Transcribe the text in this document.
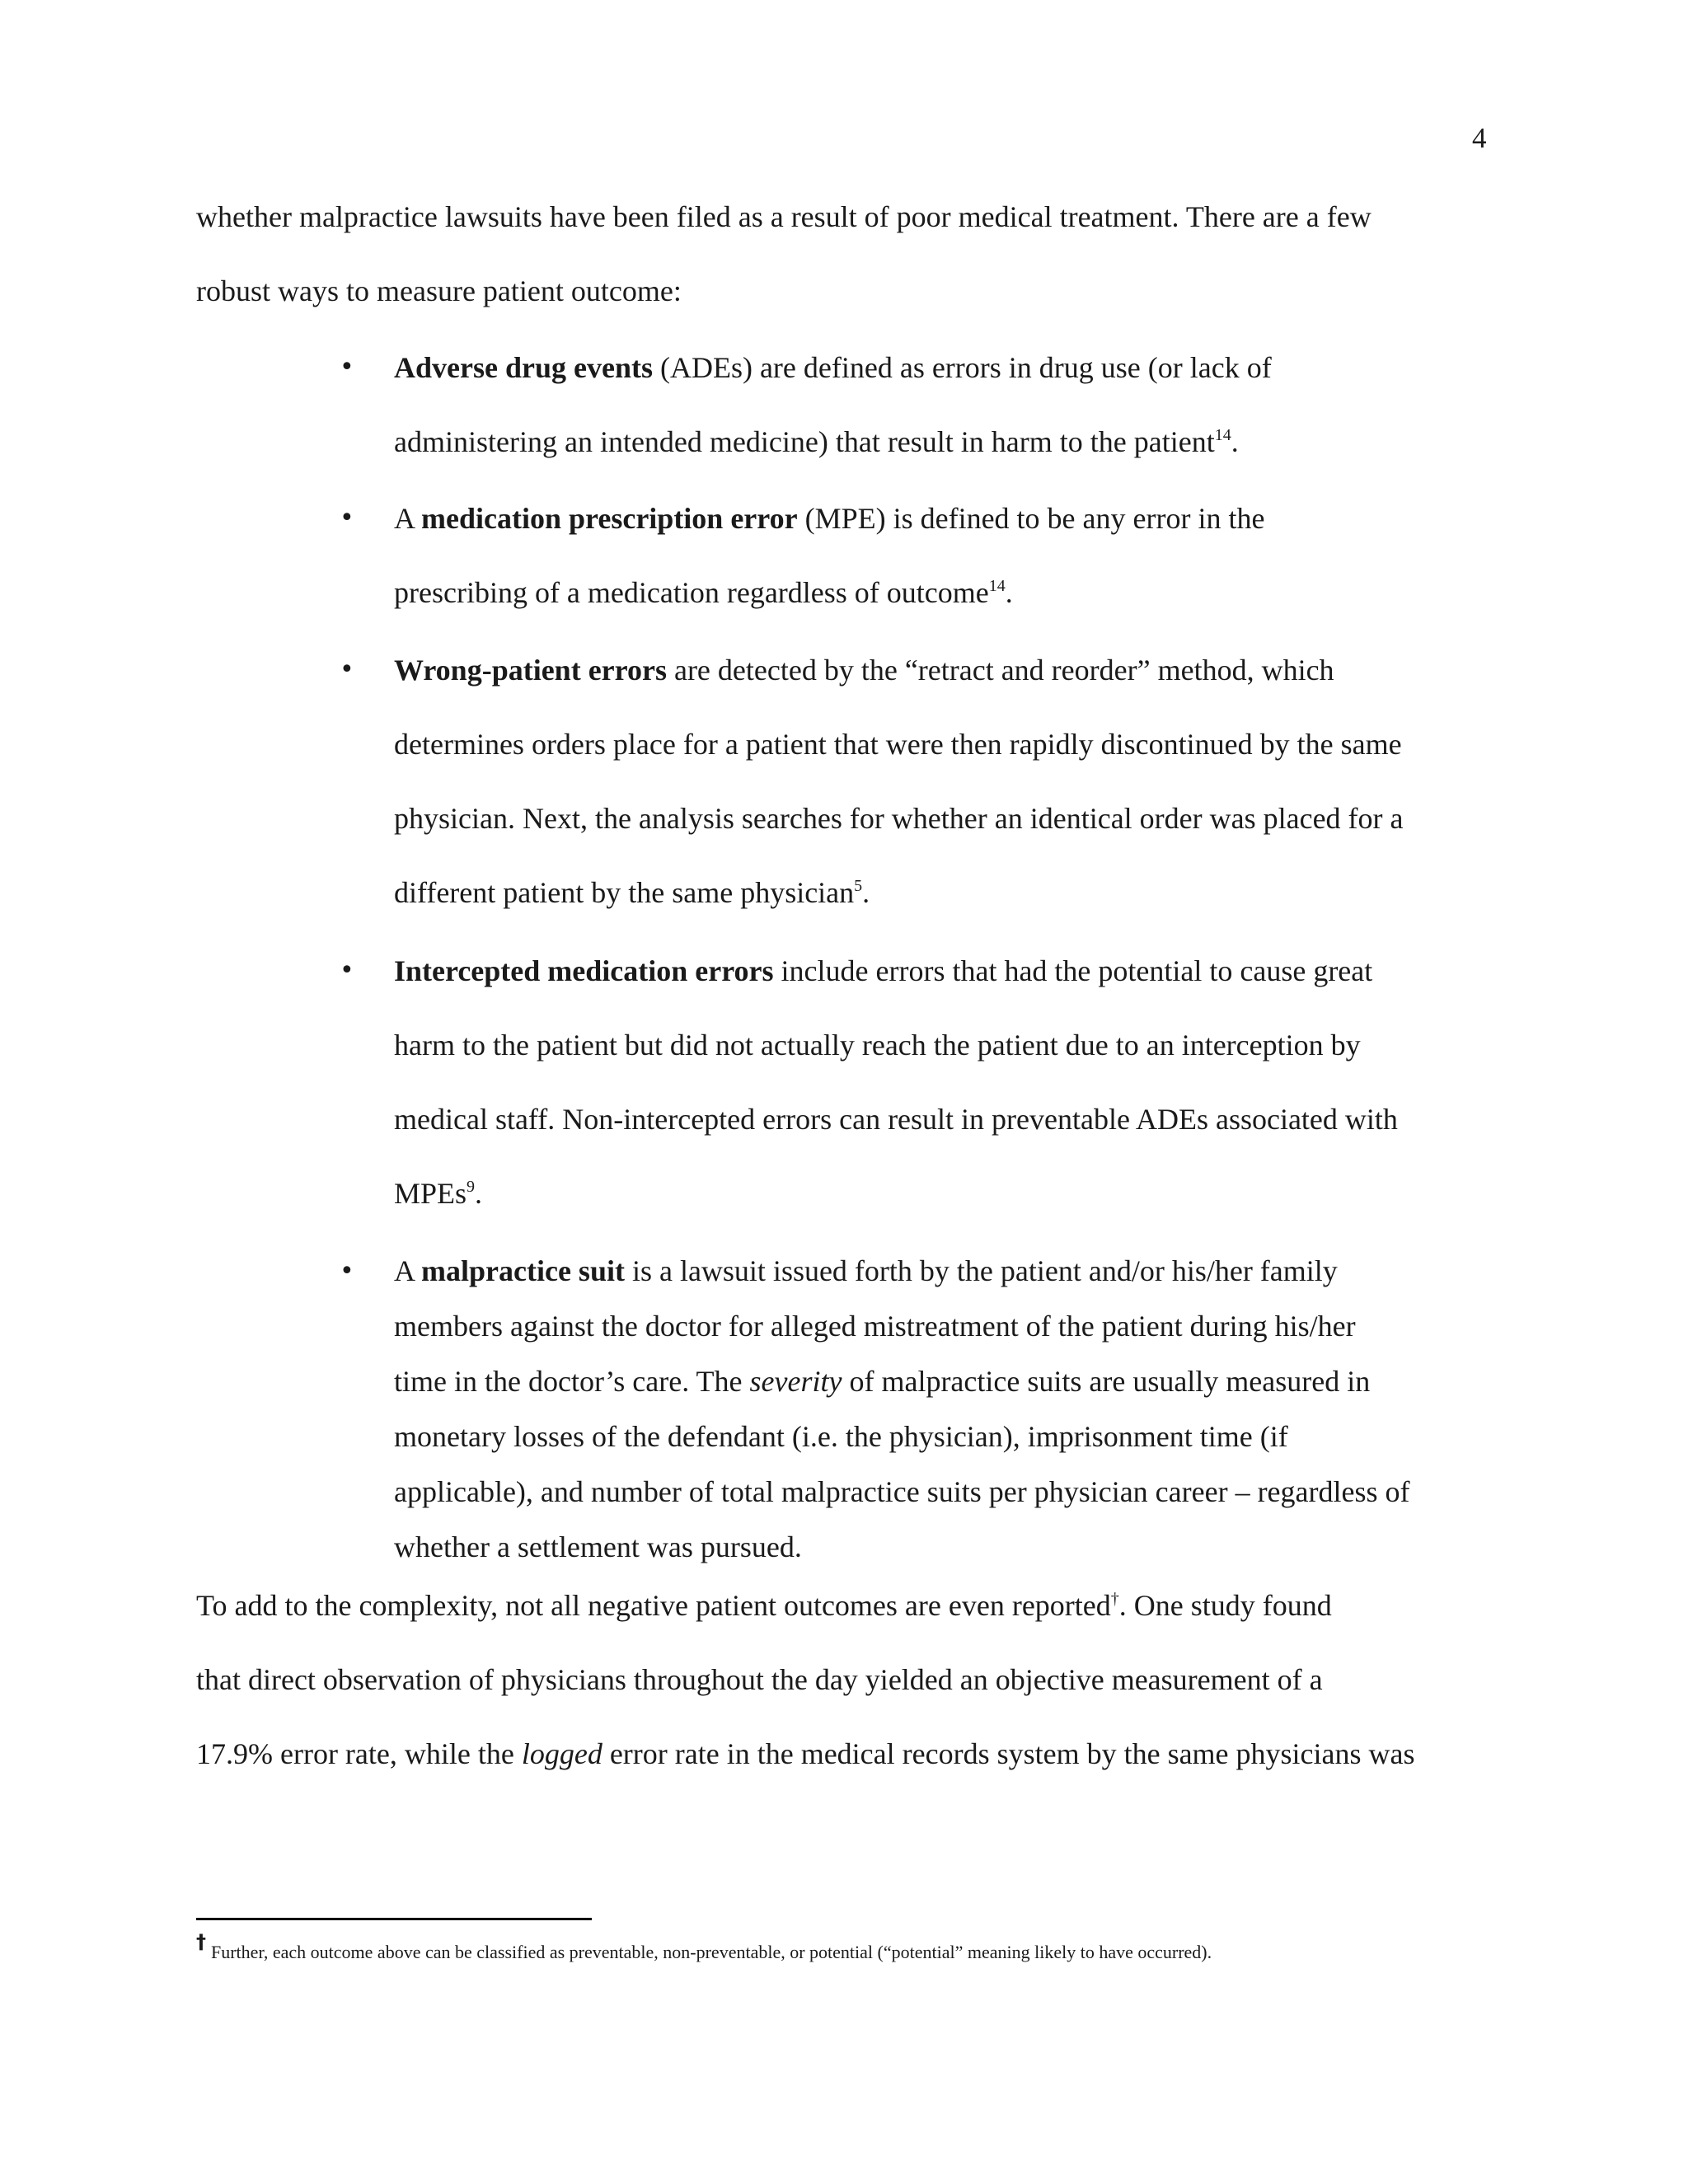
4
whether malpractice lawsuits have been filed as a result of poor medical treatment. There are a few
robust ways to measure patient outcome:
• Adverse drug events (ADEs) are defined as errors in drug use (or lack of
administering an intended medicine) that result in harm to the patient$^{14}$.
• A medication prescription error (MPE) is defined to be any error in the
prescribing of a medication regardless of outcome$^{14}$.
• Wrong-patient errors are detected by the “retract and reorder” method, which
determines orders place for a patient that were then rapidly discontinued by the same
physician. Next, the analysis searches for whether an identical order was placed for a
different patient by the same physician$^5$.
• Intercepted medication errors include errors that had the potential to cause great
harm to the patient but did not actually reach the patient due to an interception by
medical staff. Non-intercepted errors can result in preventable ADEs associated with
MPEs$^9$.
• A malpractice suit is a lawsuit issued forth by the patient and/or his/her family
members against the doctor for alleged mistreatment of the patient during his/her
time in the doctor’s care. The severity of malpractice suits are usually measured in
monetary losses of the defendant (i.e. the physician), imprisonment time (if
applicable), and number of total malpractice suits per physician career – regardless of
whether a settlement was pursued.
To add to the complexity, not all negative patient outcomes are even reported†. One study found
that direct observation of physicians throughout the day yielded an objective measurement of a
17.9% error rate, while the logged error rate in the medical records system by the same physicians was
† Further, each outcome above can be classified as preventable, non-preventable, or potential (“potential” meaning likely to have occurred).
